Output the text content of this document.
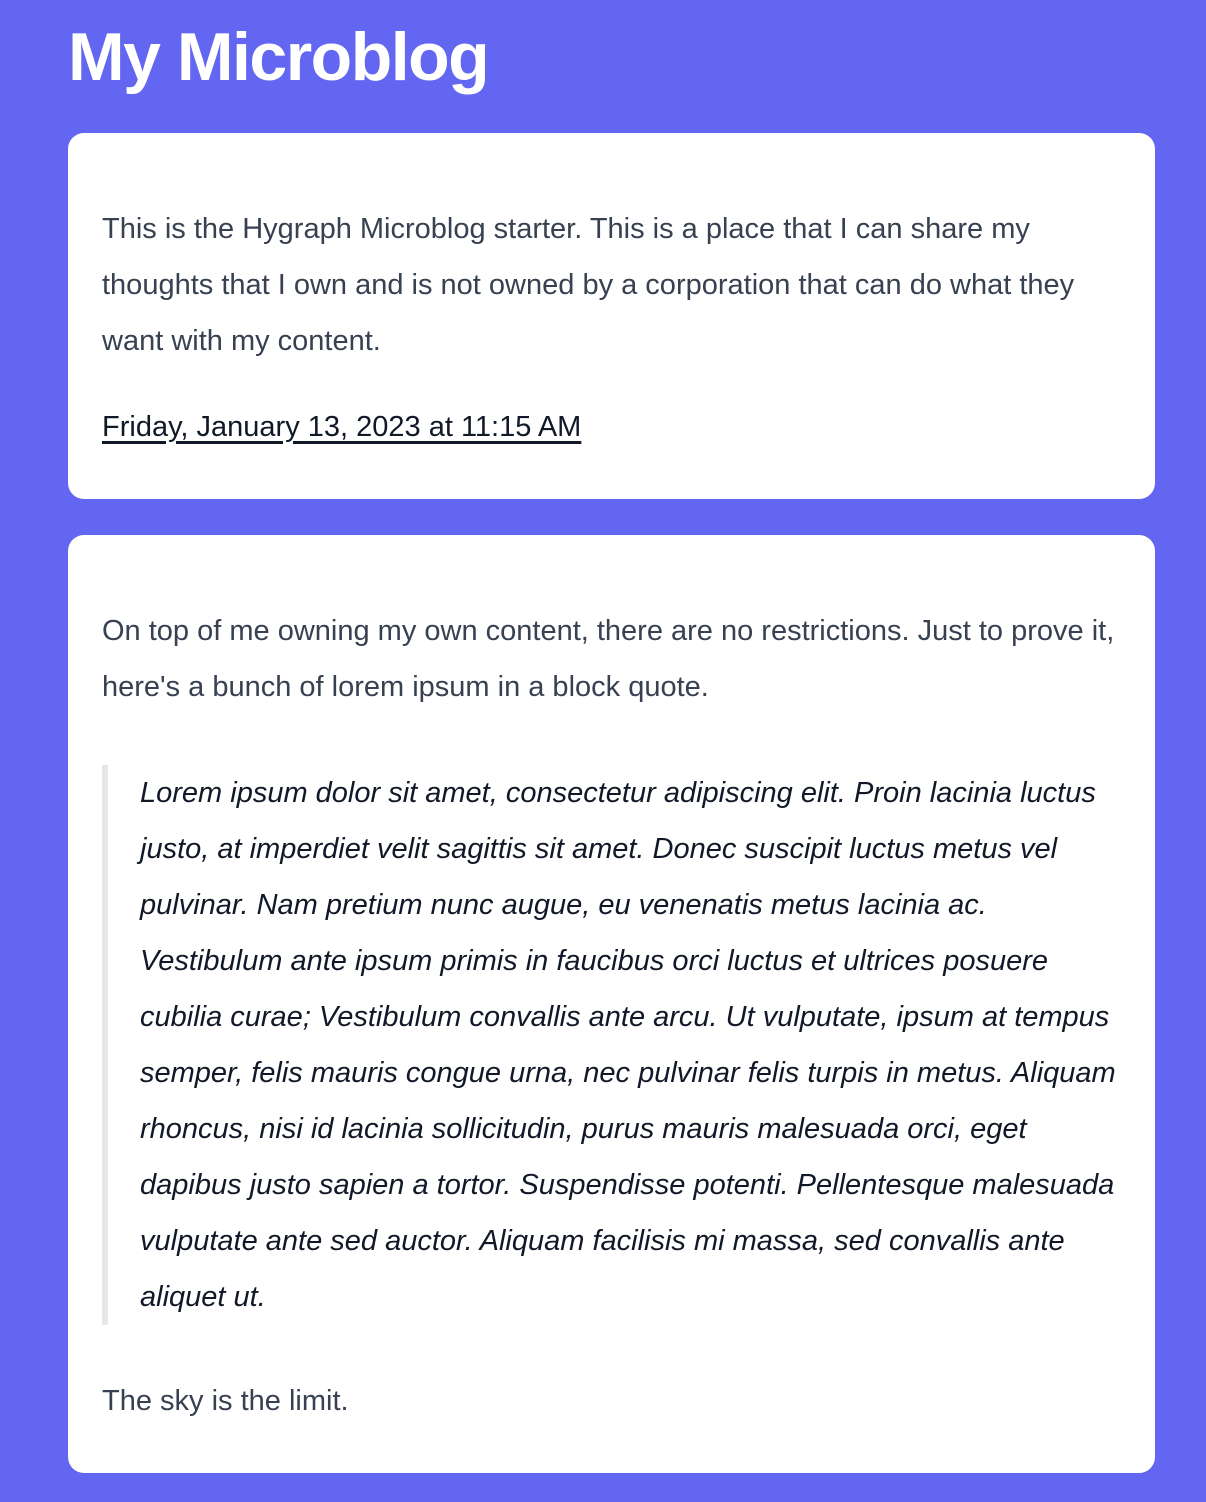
My Microblog

This is the Hygraph Microblog starter. This is a place that I can share my thoughts that I own and is not owned by a corporation that can do what they want with my content.

Friday, January 13, 2023 at 11:15 AM

On top of me owning my own content, there are no restrictions. Just to prove it, here's a bunch of lorem ipsum in a block quote.

Lorem ipsum dolor sit amet, consectetur adipiscing elit. Proin lacinia luctus justo, at imperdiet velit sagittis sit amet. Donec suscipit luctus metus vel pulvinar. Nam pretium nunc augue, eu venenatis metus lacinia ac. Vestibulum ante ipsum primis in faucibus orci luctus et ultrices posuere cubilia curae; Vestibulum convallis ante arcu. Ut vulputate, ipsum at tempus semper, felis mauris congue urna, nec pulvinar felis turpis in metus. Aliquam rhoncus, nisi id lacinia sollicitudin, purus mauris malesuada orci, eget dapibus justo sapien a tortor. Suspendisse potenti. Pellentesque malesuada vulputate ante sed auctor. Aliquam facilisis mi massa, sed convallis ante aliquet ut.

The sky is the limit.
